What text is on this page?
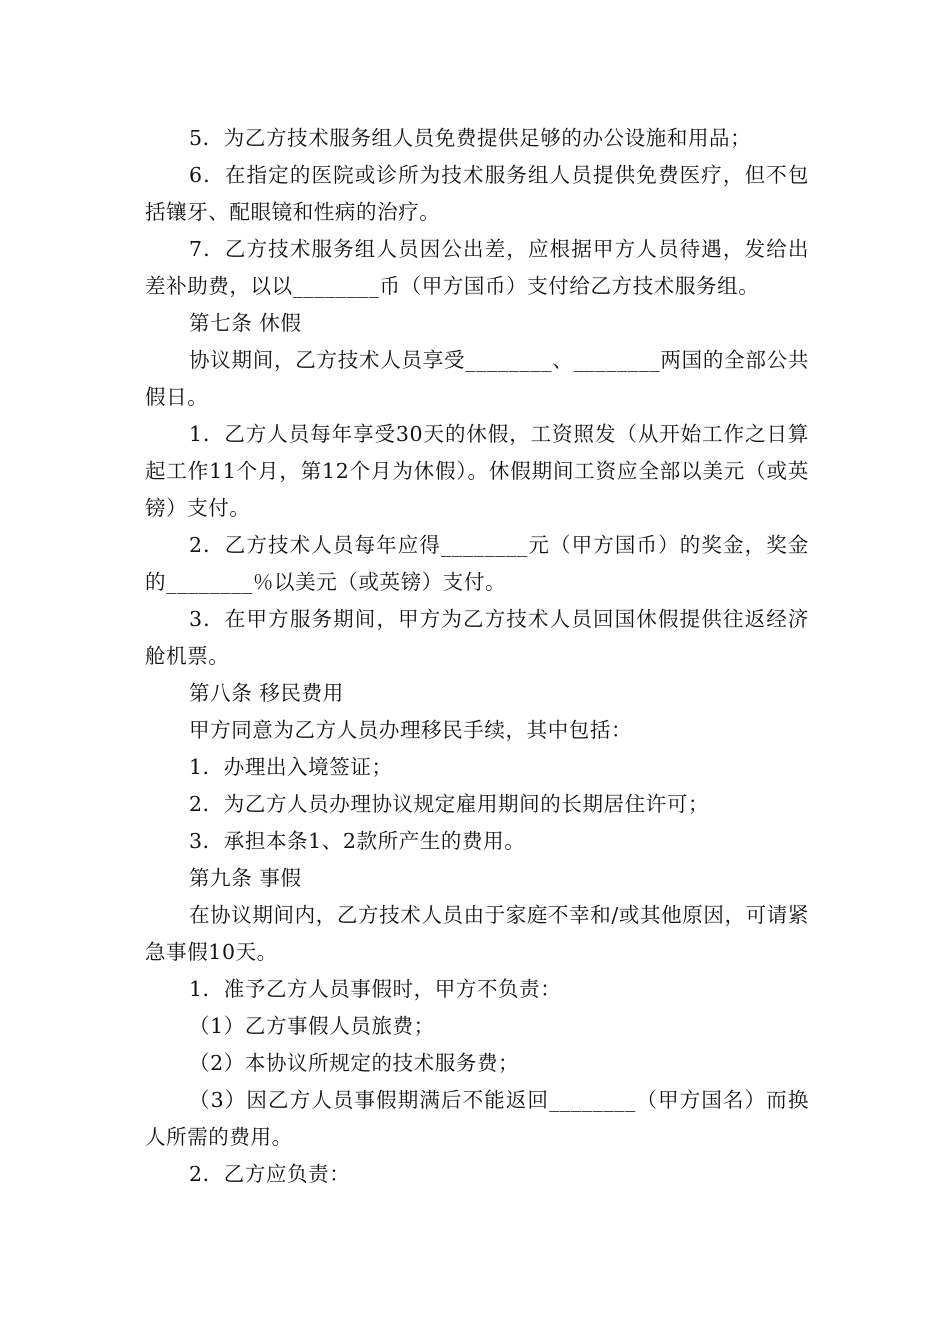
5．为乙方技术服务组人员免费提供足够的办公设施和用品；

6．在指定的医院或诊所为技术服务组人员提供免费医疗，但不包括镶牙、配眼镜和性病的治疗。

7．乙方技术服务组人员因公出差，应根据甲方人员待遇，发给出差补助费，以以________币（甲方国币）支付给乙方技术服务组。

第七条 休假

协议期间，乙方技术人员享受________、________两国的全部公共假日。

1．乙方人员每年享受30天的休假，工资照发（从开始工作之日算起工作11个月，第12个月为休假）。休假期间工资应全部以美元（或英镑）支付。

2．乙方技术人员每年应得________元（甲方国币）的奖金，奖金的________％以美元（或英镑）支付。

3．在甲方服务期间，甲方为乙方技术人员回国休假提供往返经济舱机票。

第八条 移民费用

甲方同意为乙方人员办理移民手续，其中包括：

1．办理出入境签证；

2．为乙方人员办理协议规定雇用期间的长期居住许可；

3．承担本条1、2款所产生的费用。

第九条 事假

在协议期间内，乙方技术人员由于家庭不幸和/或其他原因，可请紧急事假10天。

1．准予乙方人员事假时，甲方不负责：

（1）乙方事假人员旅费；

（2）本协议所规定的技术服务费；

（3）因乙方人员事假期满后不能返回________（甲方国名）而换人所需的费用。

2．乙方应负责：
